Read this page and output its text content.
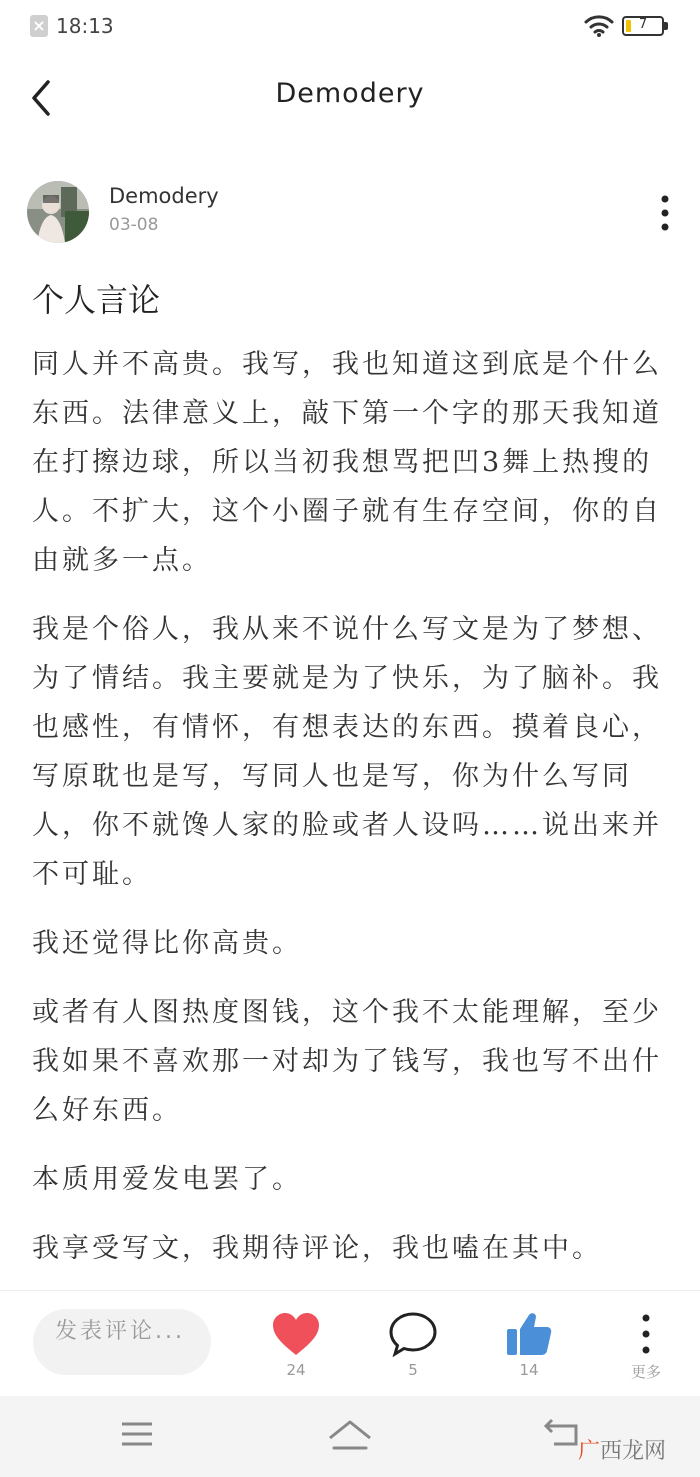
× 18:13	7
Demodery
Demodery
03-08
个人言论

同人并不高贵。我写，我也知道这到底是个什么东西。法律意义上，敲下第一个字的那天我知道在打擦边球，所以当初我想骂把凹3舞上热搜的人。不扩大，这个小圈子就有生存空间，你的自由就多一点。

我是个俗人，我从来不说什么写文是为了梦想、为了情结。我主要就是为了快乐，为了脑补。我也感性，有情怀，有想表达的东西。摸着良心，写原耽也是写，写同人也是写，你为什么写同人，你不就馋人家的脸或者人设吗……说出来并不可耻。

我还觉得比你高贵。

或者有人图热度图钱，这个我不太能理解，至少我如果不喜欢那一对却为了钱写，我也写不出什么好东西。

本质用爱发电罢了。

我享受写文，我期待评论，我也嗑在其中。

发表评论...
24	5	14	更多
广西龙网
